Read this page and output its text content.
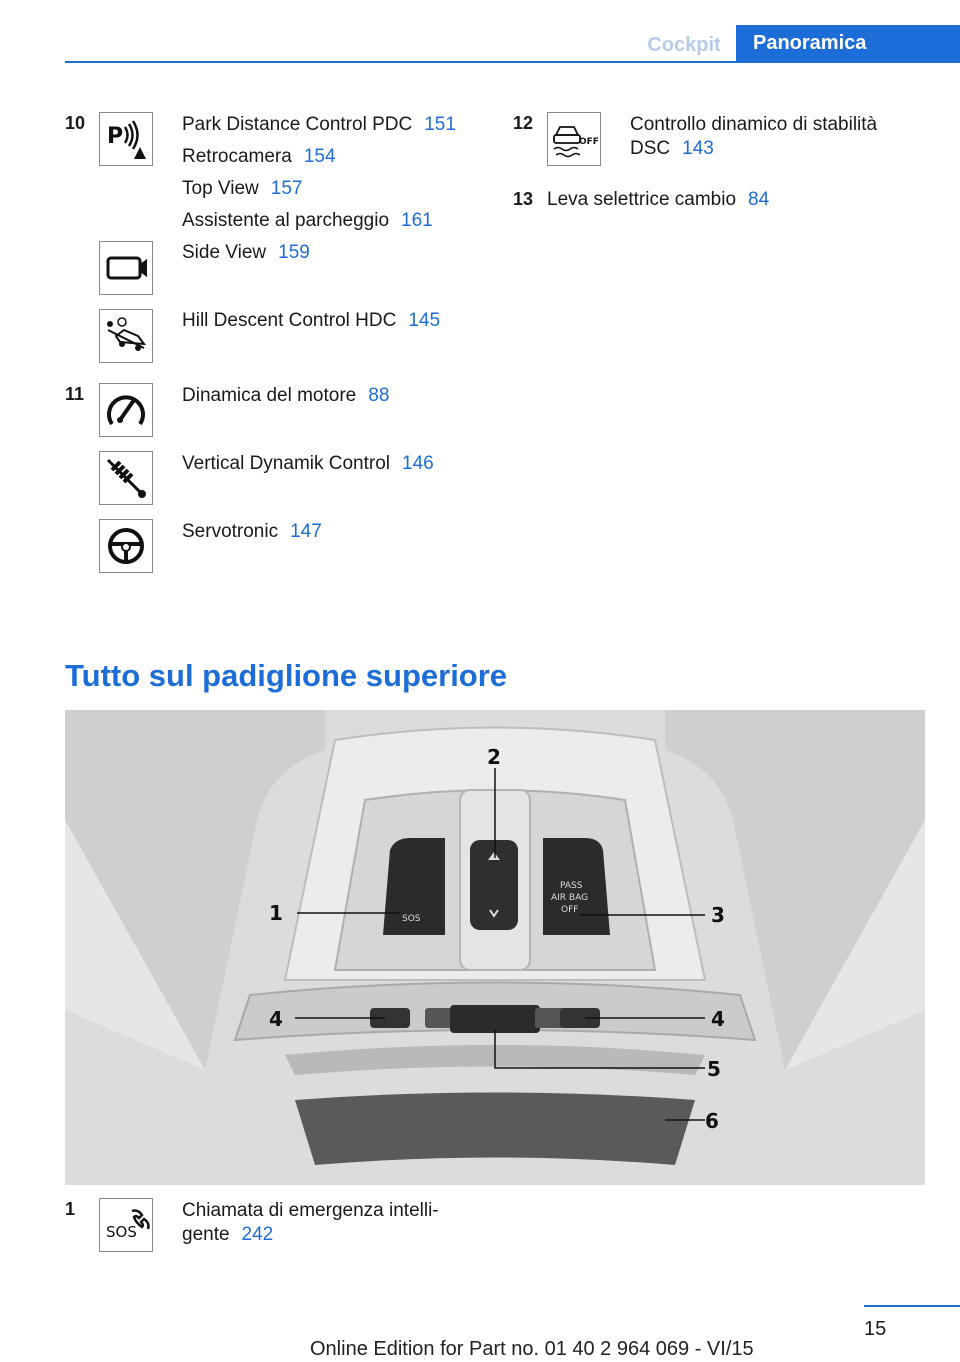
Cockpit	Panoramica
10
P	Park Distance Control PDC 151
Retrocamera 154
Top View 157
Assistente al parcheggio 161
Side View 159
Hill Descent Control HDC 145
11	Dinamica del motore 88
Vertical Dynamik Control 146
Servotronic 147
12
OFF
Controllo dinamico di stabilità
DSC 143
13 Leva selettrice cambio 84
Tutto sul padiglione superiore
SOS
PASS
AIR BAG
OFF
1
2
3
4	4
5
6
1
SOS
Chiamata di emergenza intelli-
gente 242
15
Online Edition for Part no. 01 40 2 964 069 - VI/15
